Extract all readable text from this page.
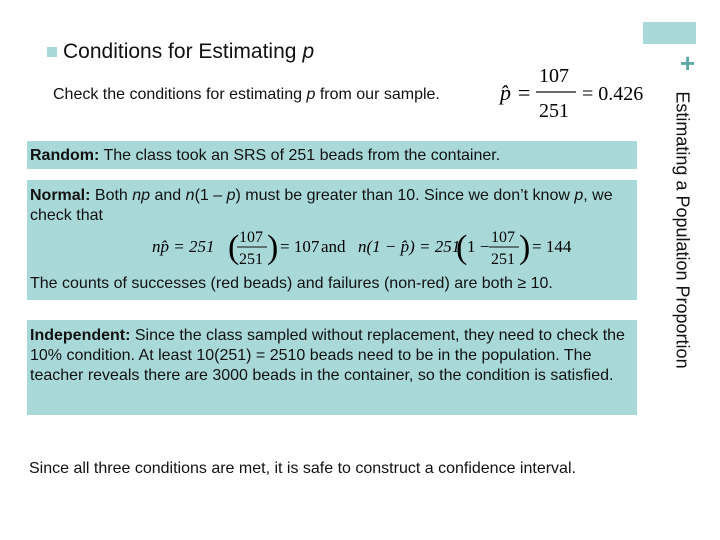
Conditions for Estimating p	+
Estimating a Population Proportion
Check the conditions for estimating p from our sample.	p̂ =
107
251
= 0.426
Random: The class took an SRS of 251 beads from the container.
Normal: Both np and n(1 – p) must be greater than 10. Since we don’t know p, we check that
The counts of successes (red beads) and failures (non-red) are both ≥ 10.
np̂ = 251 ( 107
251 ) = 107 and n(1 − p̂) = 251
( 1 − 107
251 ) = 144
Independent: Since the class sampled without replacement, they need to check the 10% condition. At least 10(251) = 2510 beads need to be in the population. The teacher reveals there are 3000 beads in the container, so the condition is satisfied.
Since all three conditions are met, it is safe to construct a confidence interval.
